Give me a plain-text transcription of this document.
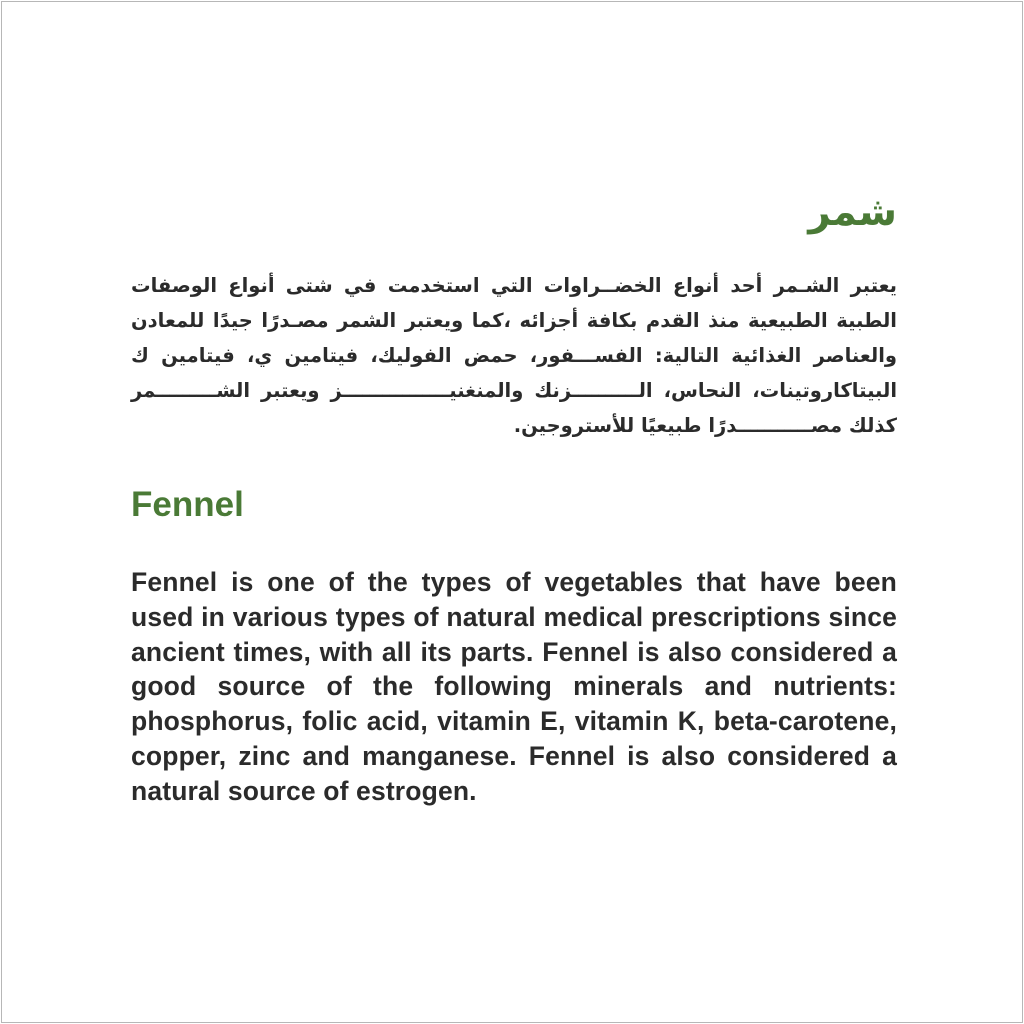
شمر

يعتبر الشـمر أحد أنواع الخضــراوات التي استخدمت في شتى أنواع الوصفات الطبية الطبيعية منذ القدم بكافة أجزائه ،كما ويعتبر الشمر مصـدرًا جيدًا للمعادن والعناصر الغذائية التالية: الفســـفور، حمض الفوليك، فيتامين ي، فيتامين ك البيتاكاروتينات، النحاس، الــــــــــزنك والمنغنيــــــــــــــــز ويعتبر الشـــــــــمر كذلك مصـــــــــــدرًا طبيعيًا للأستروجين.

Fennel

Fennel is one of the types of vegetables that have been used in various types of natural medical prescriptions since ancient times, with all its parts. Fennel is also considered a good source of the following minerals and nutrients: phosphorus, folic acid, vitamin E, vitamin K, beta-carotene, copper, zinc and manganese. Fennel is also considered a natural source of estrogen.
